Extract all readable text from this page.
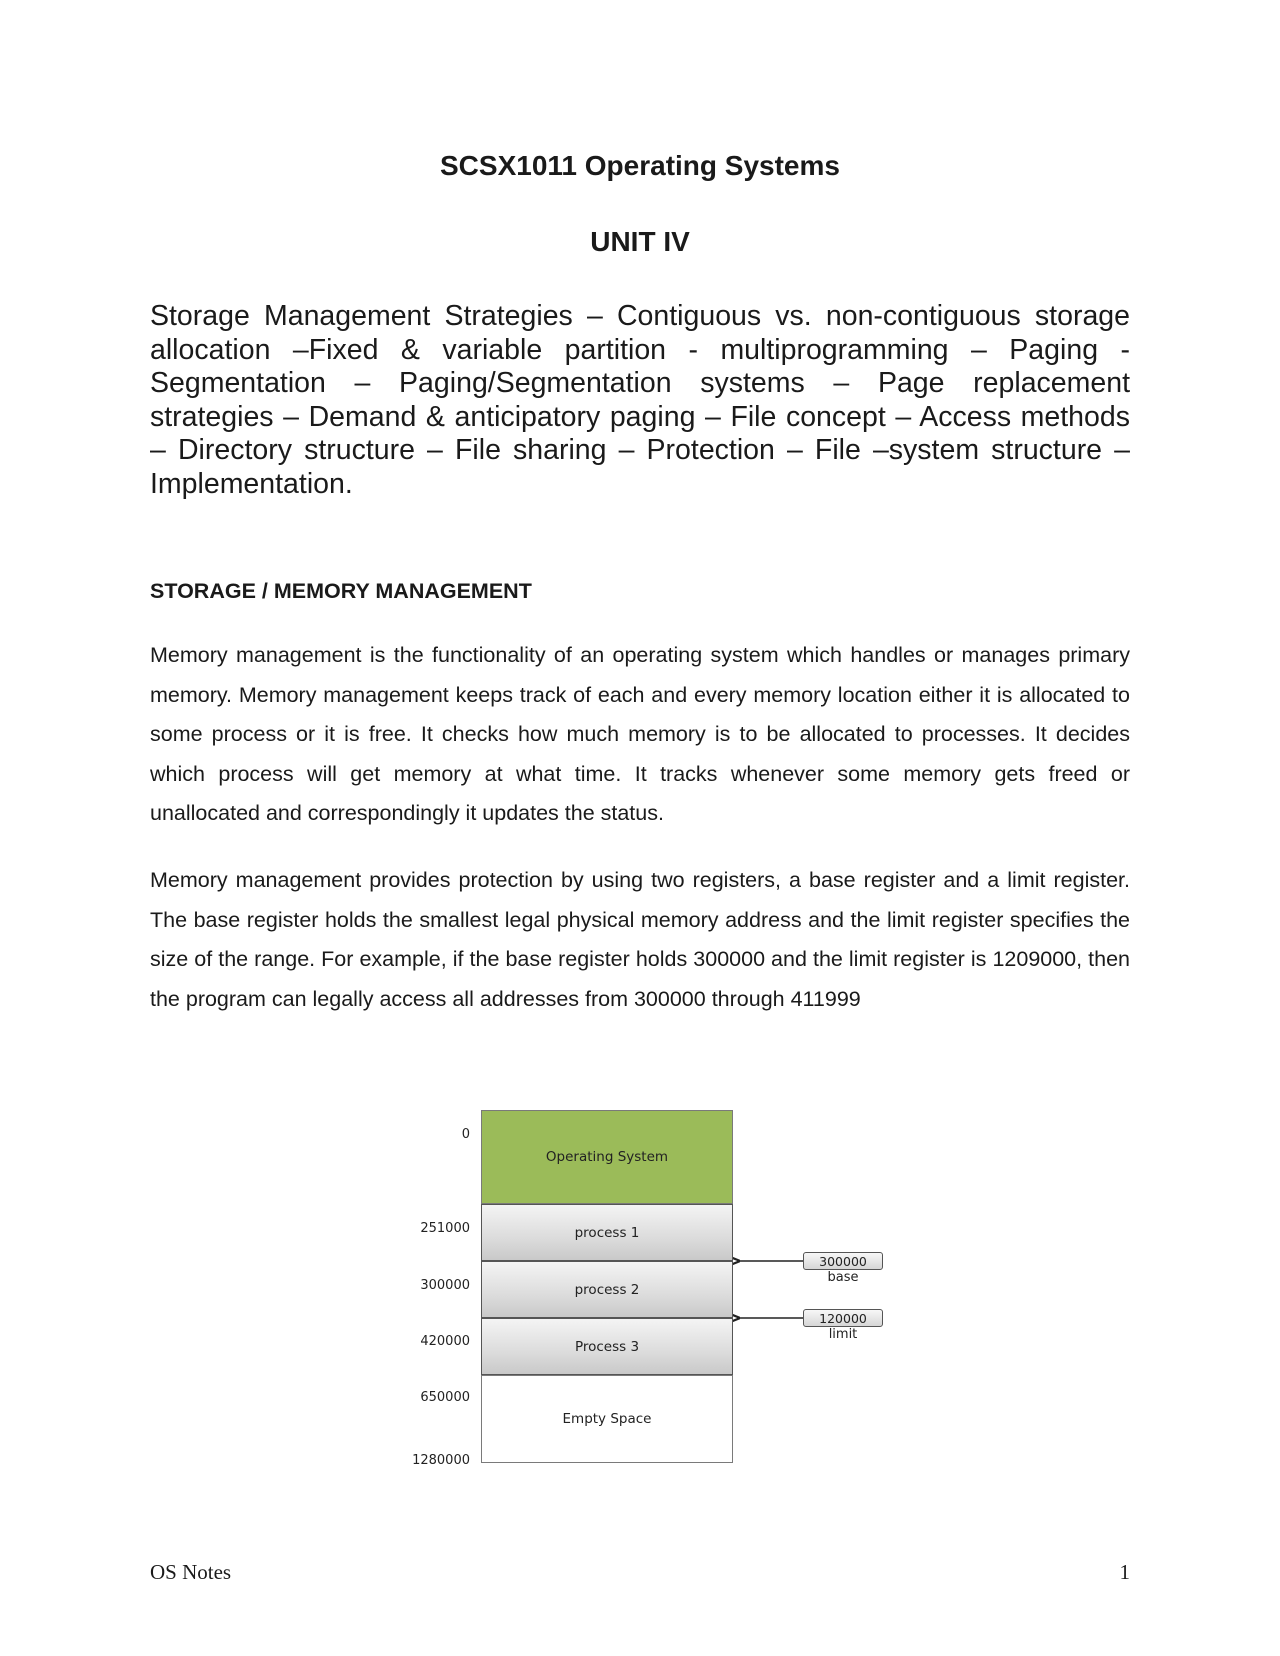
SCSX1011 Operating Systems
UNIT IV

Storage Management Strategies – Contiguous vs. non-contiguous storage allocation –Fixed & variable partition - multiprogramming – Paging - Segmentation – Paging/Segmentation systems – Page replacement strategies – Demand & anticipatory paging – File concept – Access methods – Directory structure – File sharing – Protection – File –system structure – Implementation.

STORAGE / MEMORY MANAGEMENT

Memory management is the functionality of an operating system which handles or manages primary memory. Memory management keeps track of each and every memory location either it is allocated to some process or it is free. It checks how much memory is to be allocated to processes. It decides which process will get memory at what time. It tracks whenever some memory gets freed or unallocated and correspondingly it updates the status.

Memory management provides protection by using two registers, a base register and a limit register. The base register holds the smallest legal physical memory address and the limit register specifies the size of the range. For example, if the base register holds 300000 and the limit register is 1209000, then the program can legally access all addresses from 300000 through 411999

0
251000
300000
420000
650000
1280000
Operating System
process 1
process 2
Process 3
Empty Space
300000
base
120000
limit

OS Notes	1
